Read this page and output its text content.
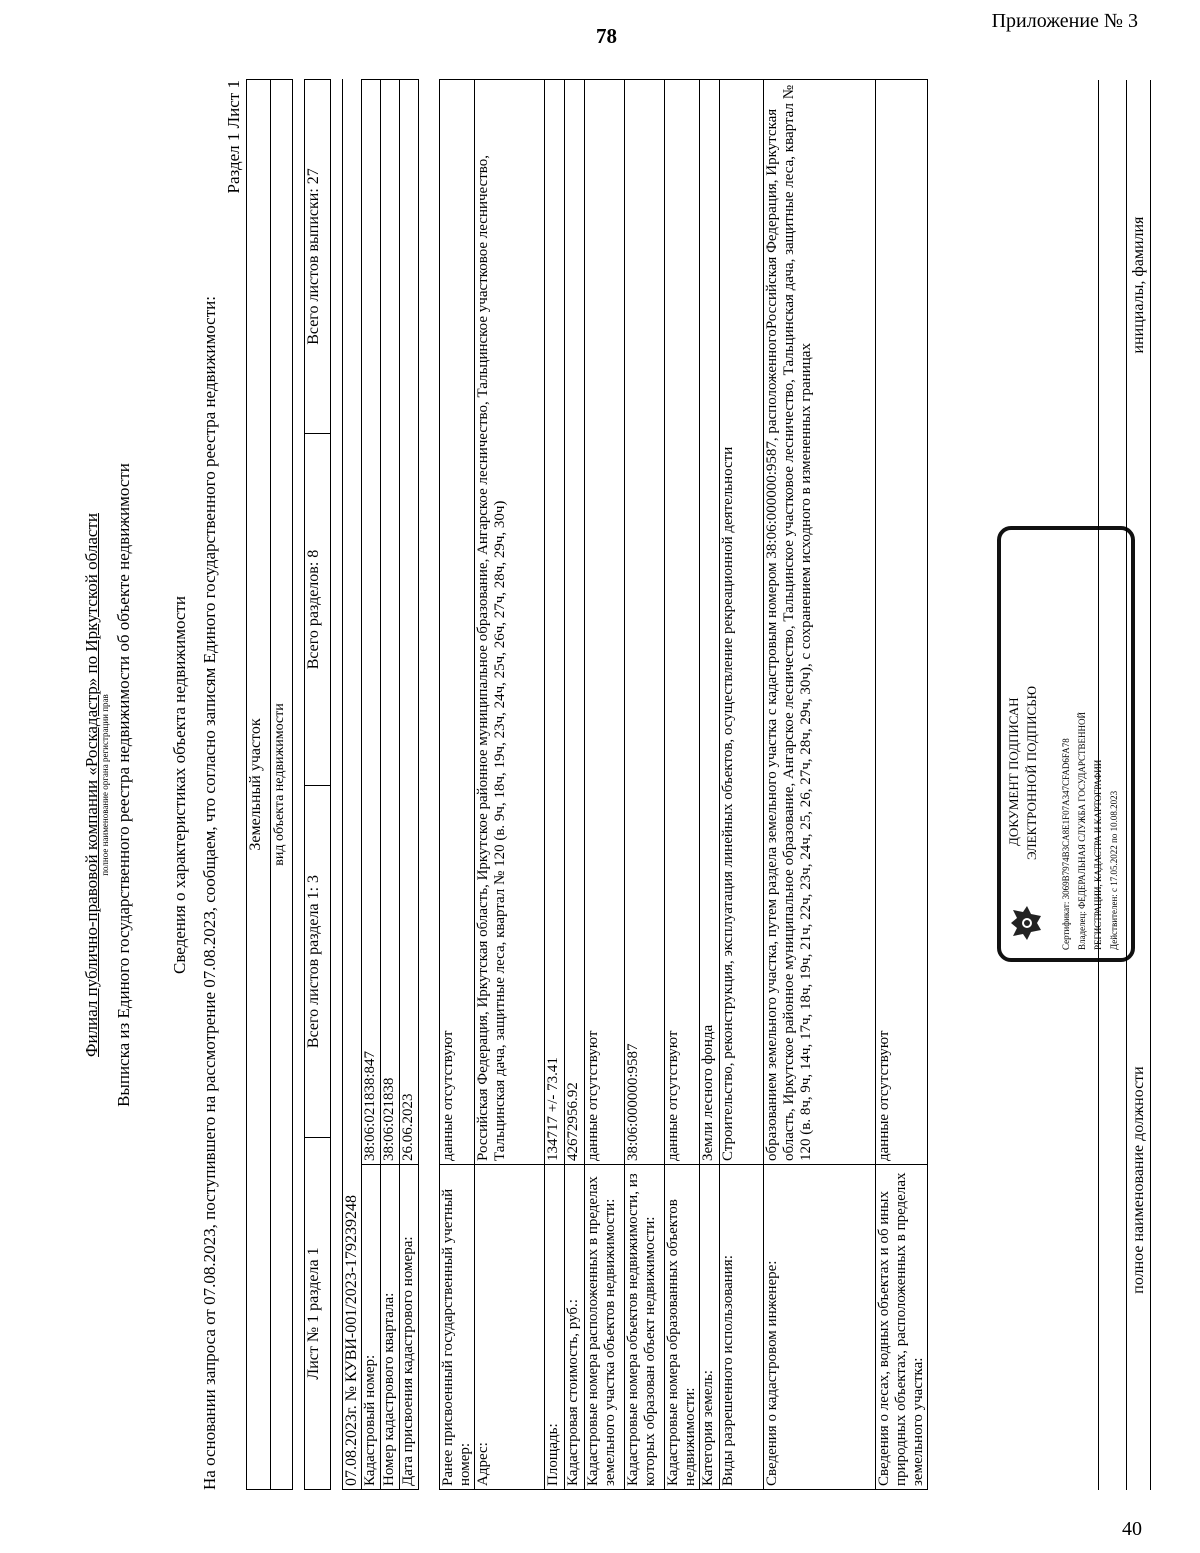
Приложение № 3
78
40
Филиал публично-правовой компании «Роскадастр» по Иркутской области полное наименование органа регистрации прав Выписка из Единого государственного реестра недвижимости об объекте недвижимости Сведения о характеристиках объекта недвижимости На основании запроса от 07.08.2023, поступившего на рассмотрение 07.08.2023, сообщаем, что согласно записям Единого государственного реестра недвижимости:
Раздел 1 Лист 1
Земельный участок
вид объекта недвижимости
Лист № 1 раздела 1	Всего листов раздела 1: 3	Всего разделов: 8	Всего листов выписки: 27
07.08.2023г. № КУВИ-001/2023-179239248	
Кадастровый номер:	38:06:021838:847
Номер кадастрового квартала:	38:06:021838
Дата присвоения кадастрового номера:	26.06.2023
Ранее присвоенный государственный учетный номер:	данные отсутствуют
Адрес:	Российская Федерация, Иркутская область, Иркутское районное муниципальное образование, Ангарское лесничество, Тальцинское участковое лесничество, Тальцинская дача, защитные леса, квартал № 120 (в. 9ч, 18ч, 19ч, 23ч, 24ч, 25ч, 26ч, 27ч, 28ч, 29ч, 30ч)
Площадь:	134717 +/- 73.41
Кадастровая стоимость, руб.:	42672956.92
Кадастровые номера расположенных в пределах земельного участка объектов недвижимости:	данные отсутствуют
Кадастровые номера объектов недвижимости, из которых образован объект недвижимости:	38:06:000000:9587
Кадастровые номера образованных объектов недвижимости:	данные отсутствуют
Категория земель:	Земли лесного фонда
Виды разрешенного использования:	Строительство, реконструкция, эксплуатация линейных объектов, осуществление рекреационной деятельности
Сведения о кадастровом инженере:	образованием земельного участка, путем раздела земельного участка с кадастровым номером 38:06:000000:9587, расположенногоРоссийская Федерация, Иркутская область, Иркутское районное муниципальное образование, Ангарское лесничество, Тальцинское участковое лесничество, Тальцинская дача, защитные леса, квартал № 120 (в. 8ч, 9ч, 14ч, 17ч, 18ч, 19ч, 21ч, 22ч, 23ч, 24ч, 25, 26, 27ч, 28ч, 29ч, 30ч), с сохранением исходного в измененных границах
Сведения о лесах, водных объектах и об иных природных объектах, расположенных в пределах земельного участка:	данные отсутствуют
ДОКУМЕНТ ПОДПИСАН ЭЛЕКТРОННОЙ ПОДПИСЬЮ Сертификат: 3069B7974B3CA8E1F07A347CFAD6FA78 Владелец: ФЕДЕРАЛЬНАЯ СЛУЖБА ГОСУДАРСТВЕННОЙ РЕГИСТРАЦИИ, КАДАСТРА И КАРТОГРАФИИ Действителен: с 17.05.2022 по 10.08.2023
полное наименование должности
инициалы, фамилия
